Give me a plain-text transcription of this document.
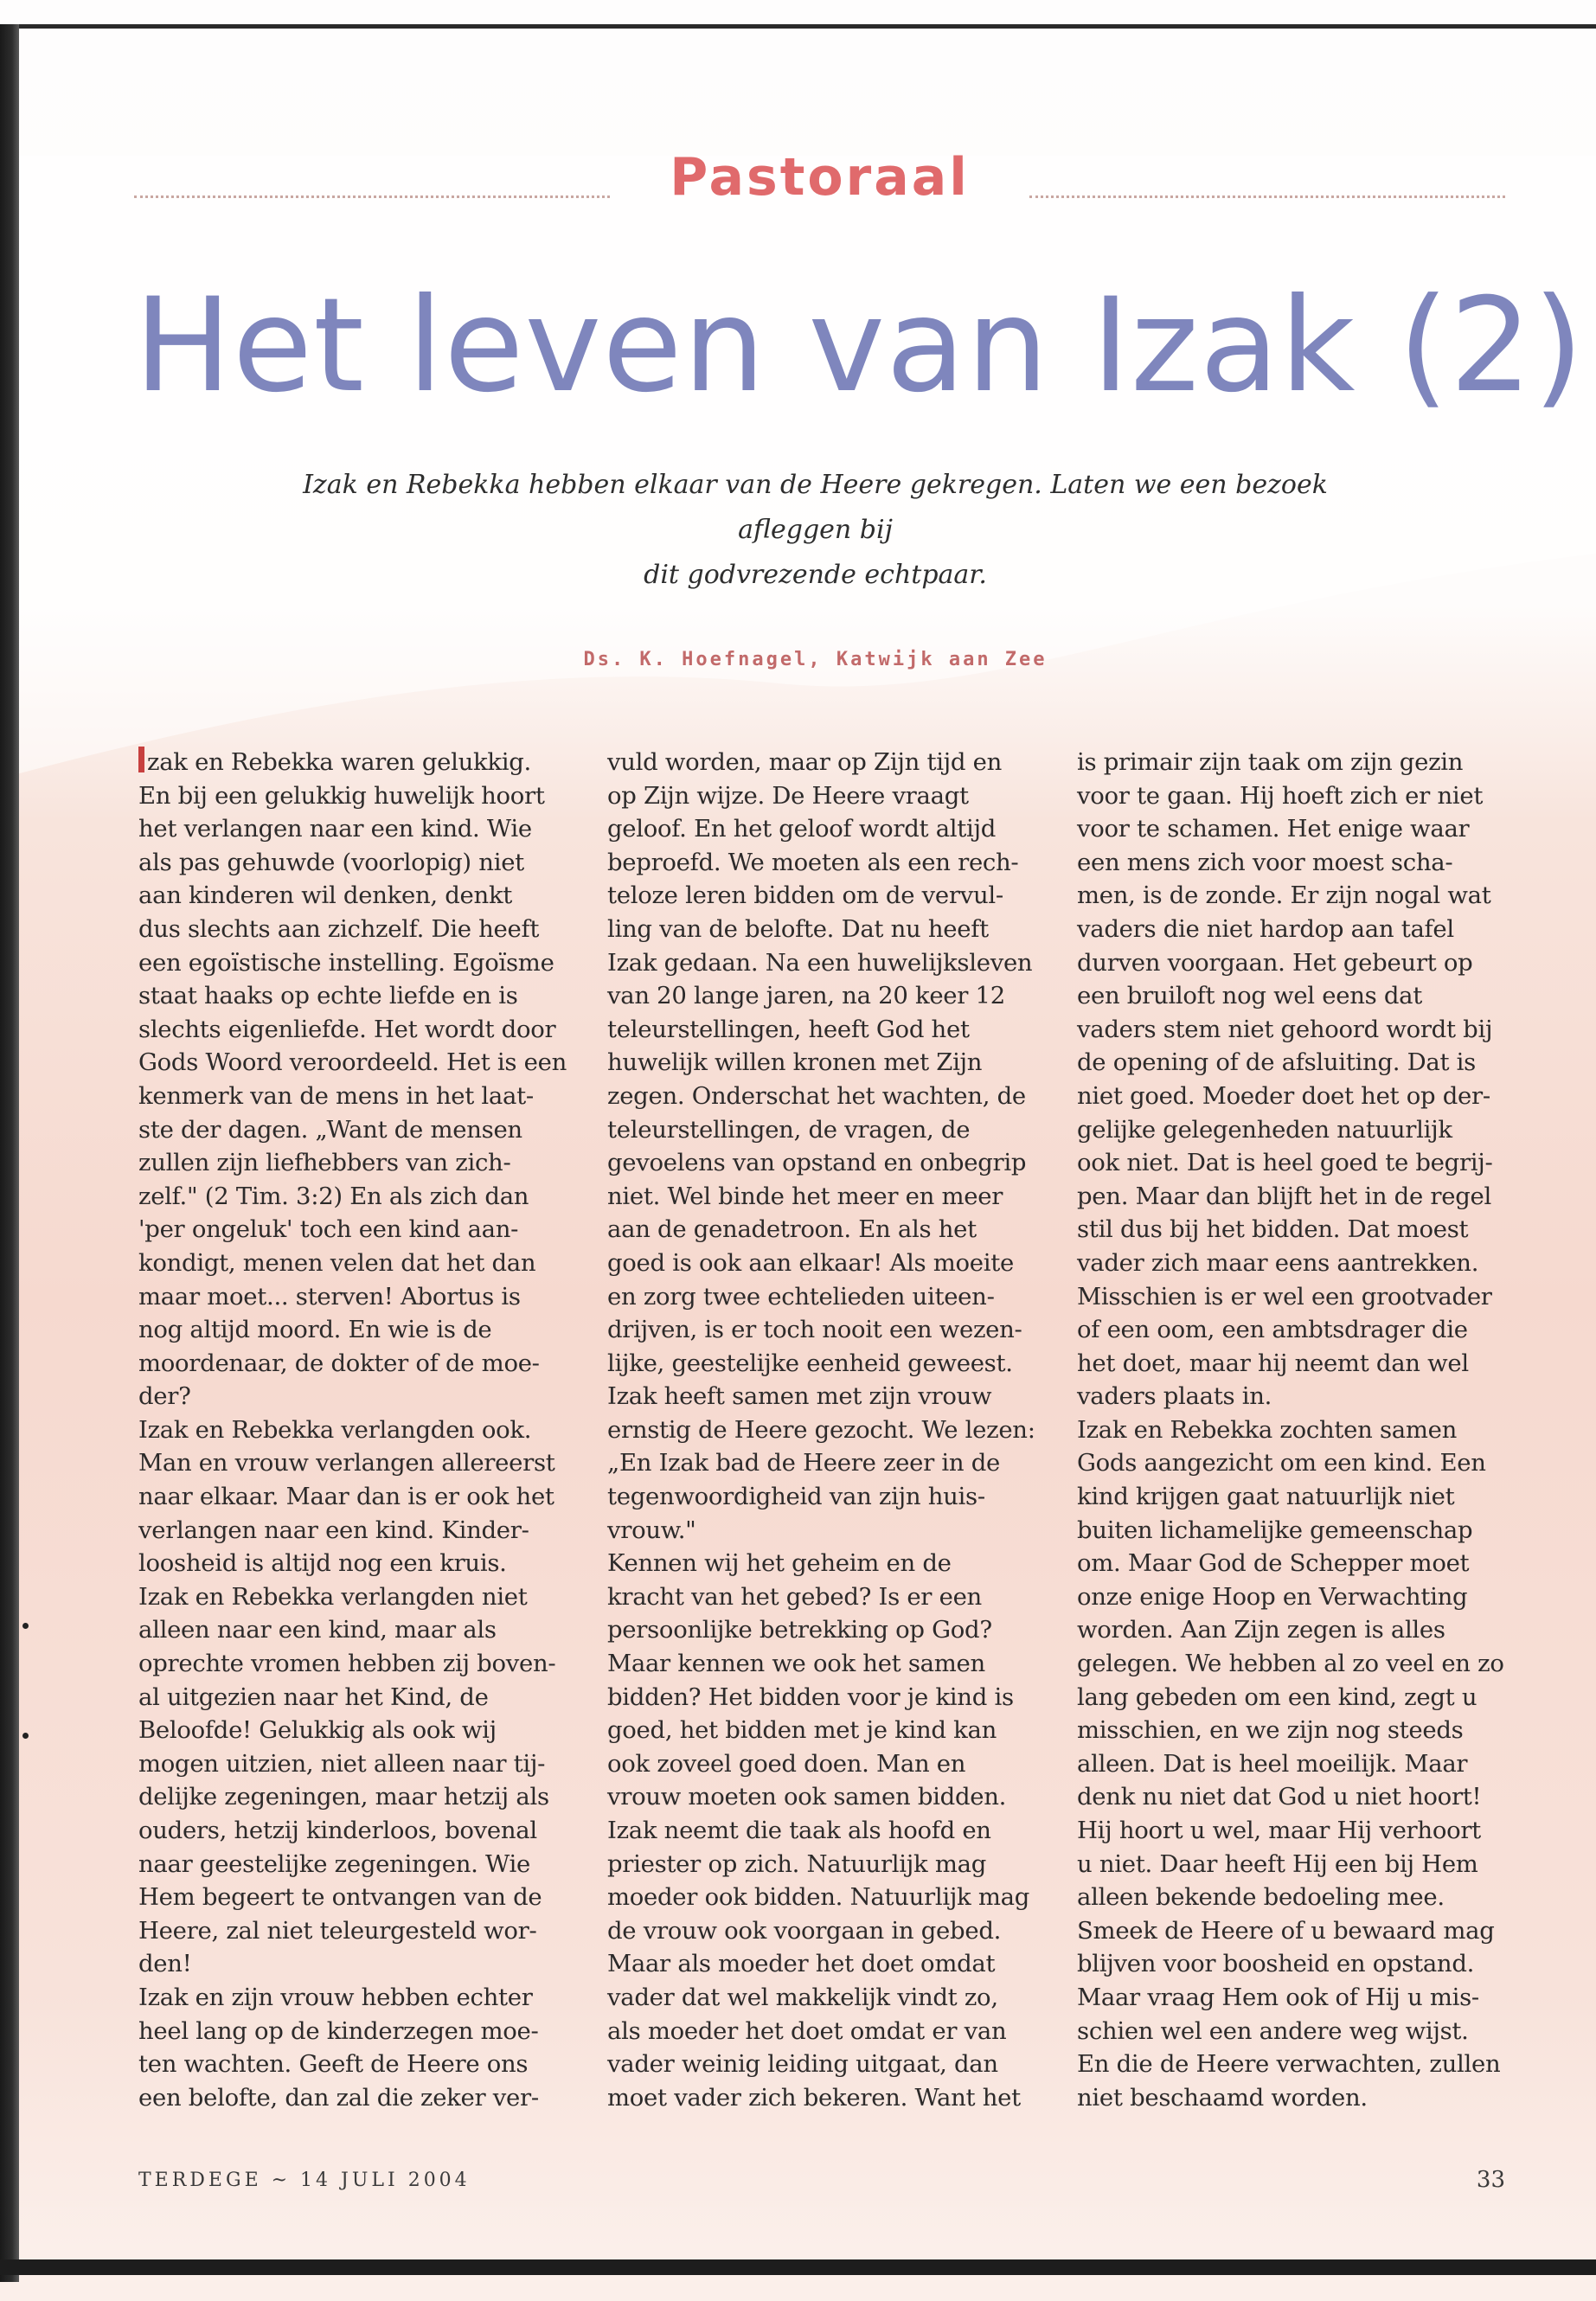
Pastoraal
Het leven van Izak (2)
Izak en Rebekka hebben elkaar van de Heere gekregen. Laten we een bezoek afleggen bij
dit godvrezende echtpaar.
Ds. K. Hoefnagel, Katwijk aan Zee
zak en Rebekka waren gelukkig.
En bij een gelukkig huwelijk hoort
het verlangen naar een kind. Wie
als pas gehuwde (voorlopig) niet
aan kinderen wil denken, denkt
dus slechts aan zichzelf. Die heeft
een egoïstische instelling. Egoïsme
staat haaks op echte liefde en is
slechts eigenliefde. Het wordt door
Gods Woord veroordeeld. Het is een
kenmerk van de mens in het laat-
ste der dagen. „Want de mensen
zullen zijn liefhebbers van zich-
zelf." (2 Tim. 3:2) En als zich dan
'per ongeluk' toch een kind aan-
kondigt, menen velen dat het dan
maar moet... sterven! Abortus is
nog altijd moord. En wie is de
moordenaar, de dokter of de moe-
der?
Izak en Rebekka verlangden ook.
Man en vrouw verlangen allereerst
naar elkaar. Maar dan is er ook het
verlangen naar een kind. Kinder-
loosheid is altijd nog een kruis.
Izak en Rebekka verlangden niet
alleen naar een kind, maar als
oprechte vromen hebben zij boven-
al uitgezien naar het Kind, de
Beloofde! Gelukkig als ook wij
mogen uitzien, niet alleen naar tij-
delijke zegeningen, maar hetzij als
ouders, hetzij kinderloos, bovenal
naar geestelijke zegeningen. Wie
Hem begeert te ontvangen van de
Heere, zal niet teleurgesteld wor-
den!
Izak en zijn vrouw hebben echter
heel lang op de kinderzegen moe-
ten wachten. Geeft de Heere ons
een belofte, dan zal die zeker ver-
vuld worden, maar op Zijn tijd en
op Zijn wijze. De Heere vraagt
geloof. En het geloof wordt altijd
beproefd. We moeten als een rech-
teloze leren bidden om de vervul-
ling van de belofte. Dat nu heeft
Izak gedaan. Na een huwelijksleven
van 20 lange jaren, na 20 keer 12
teleurstellingen, heeft God het
huwelijk willen kronen met Zijn
zegen. Onderschat het wachten, de
teleurstellingen, de vragen, de
gevoelens van opstand en onbegrip
niet. Wel binde het meer en meer
aan de genadetroon. En als het
goed is ook aan elkaar! Als moeite
en zorg twee echtelieden uiteen-
drijven, is er toch nooit een wezen-
lijke, geestelijke eenheid geweest.
Izak heeft samen met zijn vrouw
ernstig de Heere gezocht. We lezen:
„En Izak bad de Heere zeer in de
tegenwoordigheid van zijn huis-
vrouw."
Kennen wij het geheim en de
kracht van het gebed? Is er een
persoonlijke betrekking op God?
Maar kennen we ook het samen
bidden? Het bidden voor je kind is
goed, het bidden met je kind kan
ook zoveel goed doen. Man en
vrouw moeten ook samen bidden.
Izak neemt die taak als hoofd en
priester op zich. Natuurlijk mag
moeder ook bidden. Natuurlijk mag
de vrouw ook voorgaan in gebed.
Maar als moeder het doet omdat
vader dat wel makkelijk vindt zo,
als moeder het doet omdat er van
vader weinig leiding uitgaat, dan
moet vader zich bekeren. Want het
is primair zijn taak om zijn gezin
voor te gaan. Hij hoeft zich er niet
voor te schamen. Het enige waar
een mens zich voor moest scha-
men, is de zonde. Er zijn nogal wat
vaders die niet hardop aan tafel
durven voorgaan. Het gebeurt op
een bruiloft nog wel eens dat
vaders stem niet gehoord wordt bij
de opening of de afsluiting. Dat is
niet goed. Moeder doet het op der-
gelijke gelegenheden natuurlijk
ook niet. Dat is heel goed te begrij-
pen. Maar dan blijft het in de regel
stil dus bij het bidden. Dat moest
vader zich maar eens aantrekken.
Misschien is er wel een grootvader
of een oom, een ambtsdrager die
het doet, maar hij neemt dan wel
vaders plaats in.
Izak en Rebekka zochten samen
Gods aangezicht om een kind. Een
kind krijgen gaat natuurlijk niet
buiten lichamelijke gemeenschap
om. Maar God de Schepper moet
onze enige Hoop en Verwachting
worden. Aan Zijn zegen is alles
gelegen. We hebben al zo veel en zo
lang gebeden om een kind, zegt u
misschien, en we zijn nog steeds
alleen. Dat is heel moeilijk. Maar
denk nu niet dat God u niet hoort!
Hij hoort u wel, maar Hij verhoort
u niet. Daar heeft Hij een bij Hem
alleen bekende bedoeling mee.
Smeek de Heere of u bewaard mag
blijven voor boosheid en opstand.
Maar vraag Hem ook of Hij u mis-
schien wel een andere weg wijst.
En die de Heere verwachten, zullen
niet beschaamd worden.
TERDEGE ~ 14 JULI 2004	33
